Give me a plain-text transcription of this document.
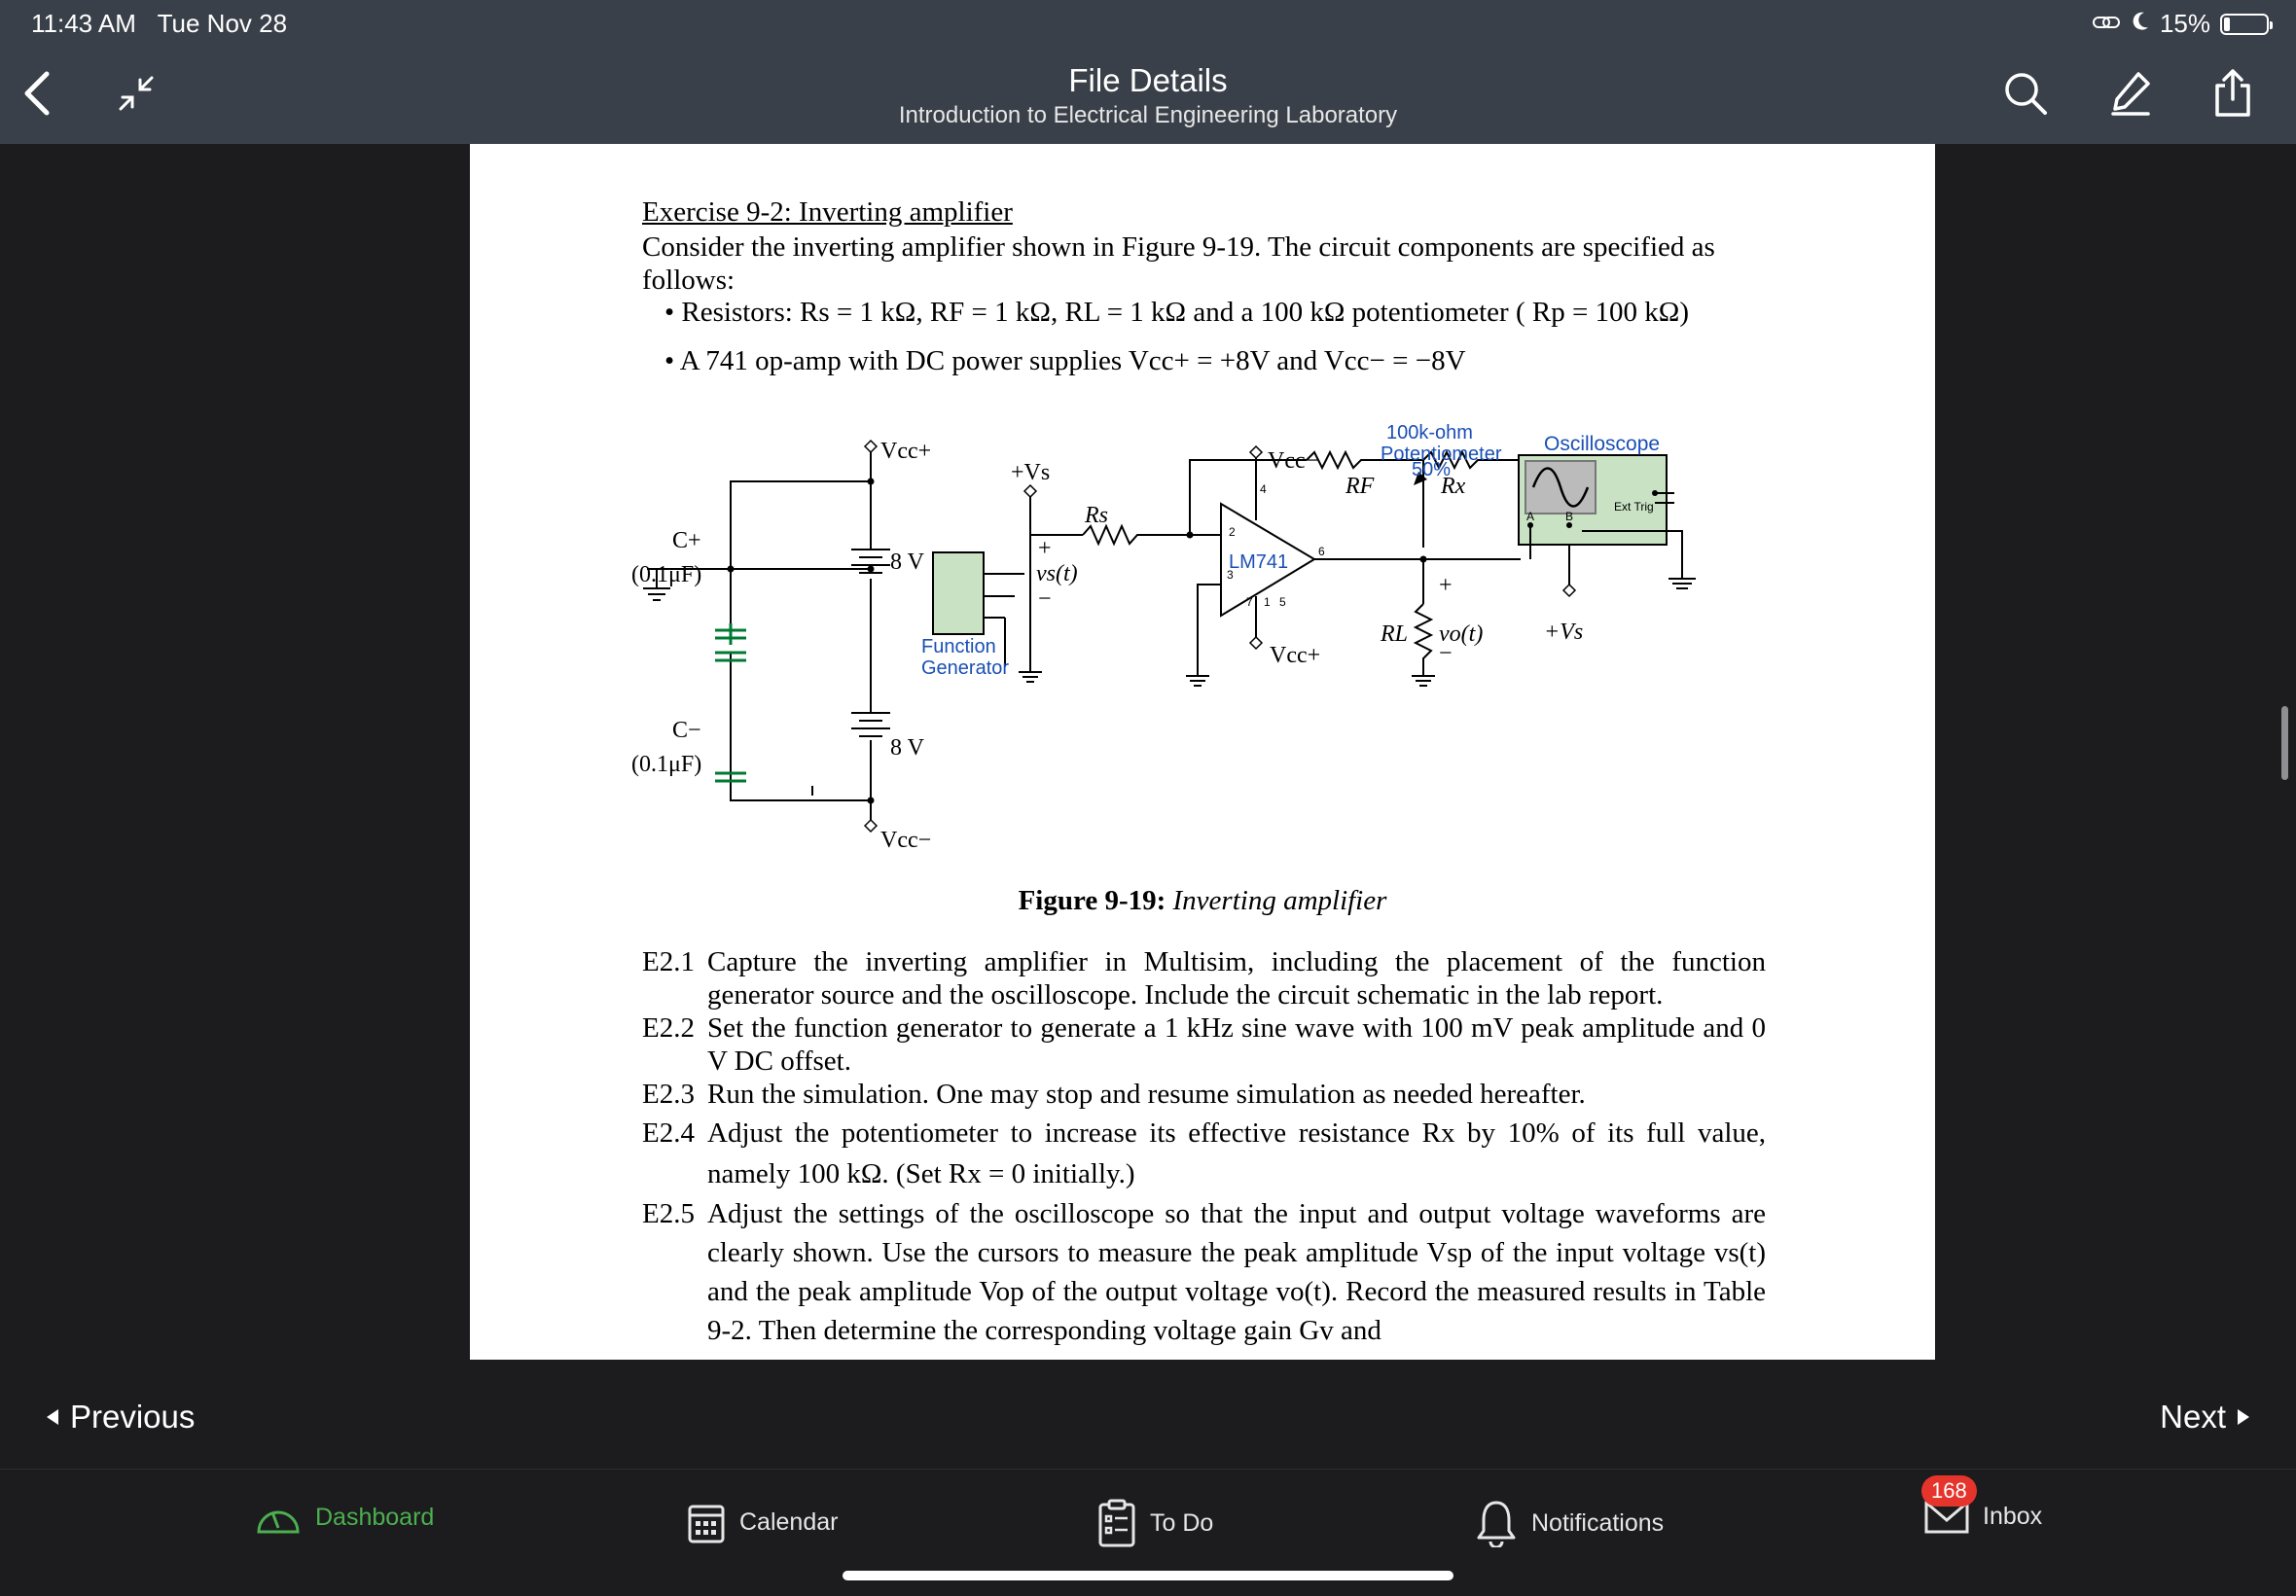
11:43 AM Tue Nov 28	15%
File Details
Introduction to Electrical Engineering Laboratory
Exercise 9-2: Inverting amplifier
Consider the inverting amplifier shown in Figure 9-19. The circuit components are specified as follows:
• Resistors: Rs = 1 kΩ, RF = 1 kΩ, RL = 1 kΩ and a 100 kΩ potentiometer ( Rp = 100 kΩ)
• A 741 op-amp with DC power supplies Vcc+ = +8V and Vcc− = −8V
Vcc+
8 V
C+
(0.1μF)
C−
(0.1μF)
8 V
Vcc−
+Vs
Rs
Vcc−
Vcc+
RF	Rx
RL
vs(t)
vo(t)	+Vs
+
−
+
−
LM741
100k-ohm
Potentiometer
50%
Oscilloscope
Function
Generator
Ext Trig
A	B
2
3
4
6
7 1 5
Figure 9-19: Inverting amplifier
E2.1 Capture the inverting amplifier in Multisim, including the placement of the function generator source and the oscilloscope. Include the circuit schematic in the lab report.
E2.2 Set the function generator to generate a 1 kHz sine wave with 100 mV peak amplitude and 0 V DC offset.
E2.3 Run the simulation. One may stop and resume simulation as needed hereafter.
E2.4 Adjust the potentiometer to increase its effective resistance Rx by 10% of its full value, namely 100 kΩ. (Set Rx = 0 initially.)
E2.5 Adjust the settings of the oscilloscope so that the input and output voltage waveforms are clearly shown. Use the cursors to measure the peak amplitude Vsp of the input voltage vs(t) and the peak amplitude Vop of the output voltage vo(t). Record the measured results in Table 9-2. Then determine the corresponding voltage gain Gv and
Previous	Next
Dashboard	Calendar	To Do	Notifications	Inbox
168
